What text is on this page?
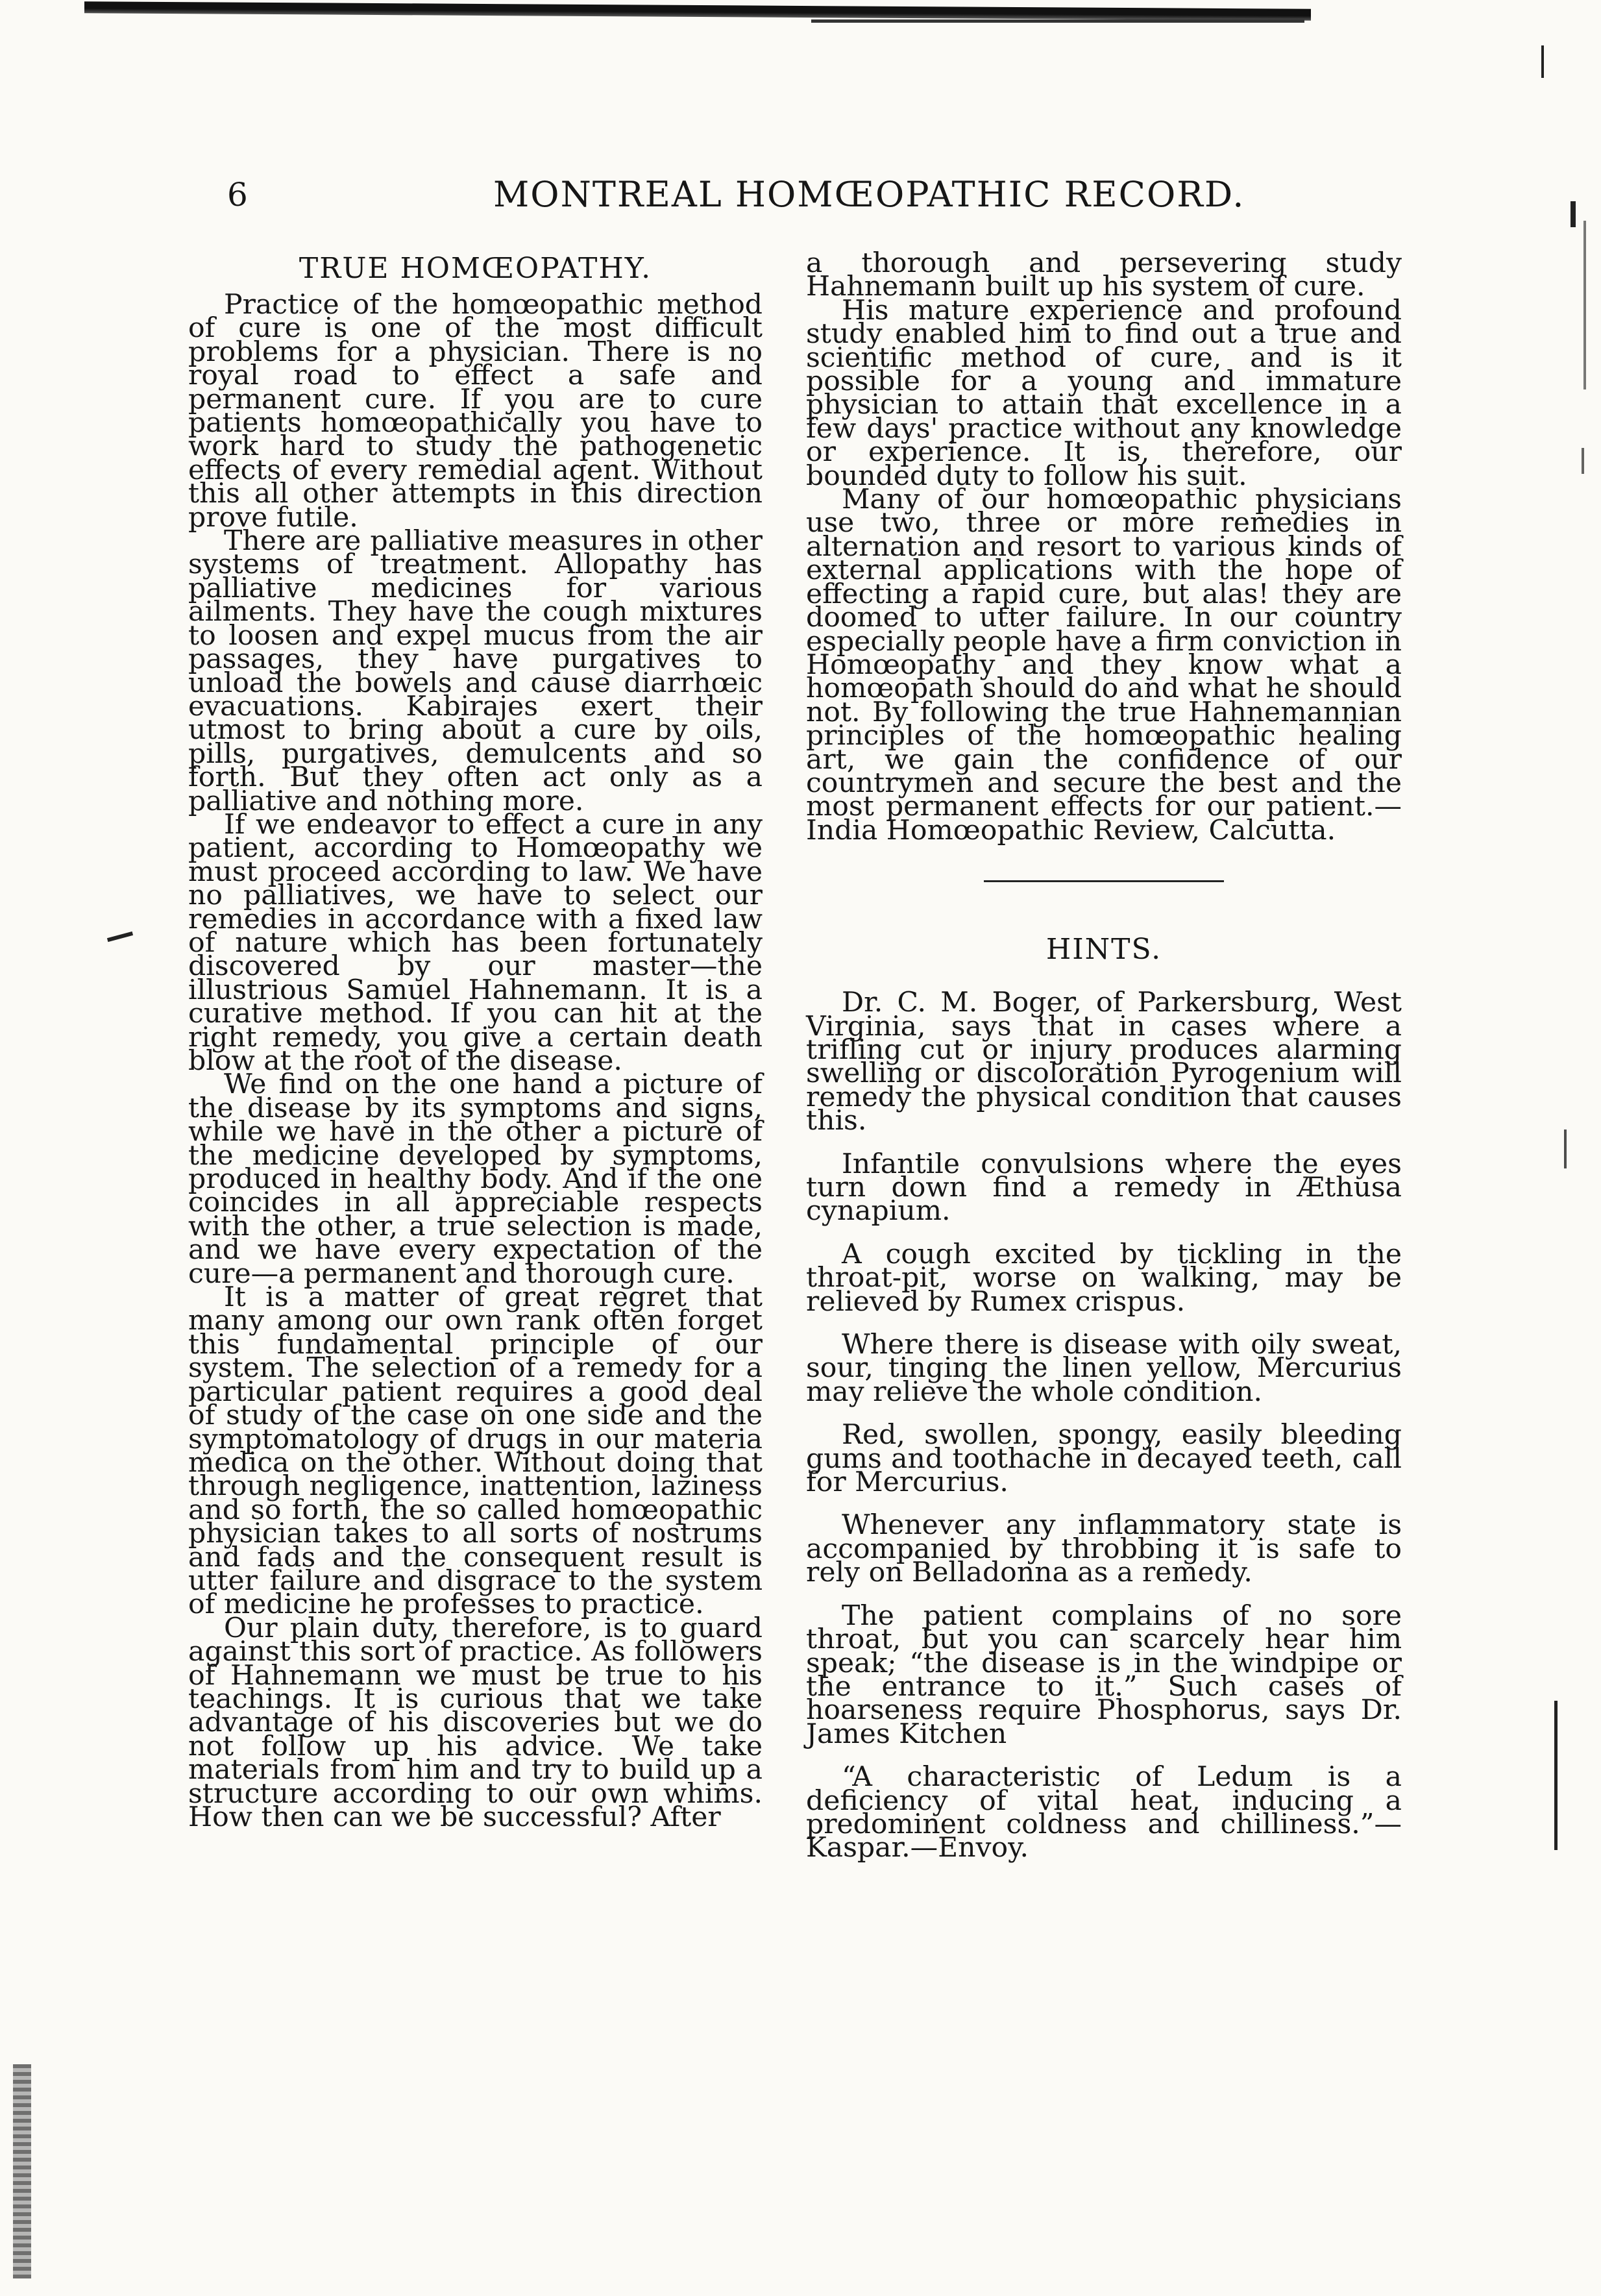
6	MONTREAL HOMŒOPATHIC RECORD.
TRUE HOMŒOPATHY.

Practice of the homœopathic method of cure is one of the most difficult problems for a physician. There is no royal road to effect a safe and permanent cure. If you are to cure patients homœopathically you have to work hard to study the pathogenetic effects of every remedial agent. Without this all other attempts in this direction prove futile.

There are palliative measures in other systems of treatment. Allopathy has palliative medicines for various ailments. They have the cough mixtures to loosen and expel mucus from the air passages, they have purgatives to unload the bowels and cause diarrhœic evacuations. Kabirajes exert their utmost to bring about a cure by oils, pills, purgatives, demulcents and so forth. But they often act only as a palliative and nothing more.

If we endeavor to effect a cure in any patient, according to Homœopathy we must proceed according to law. We have no palliatives, we have to select our remedies in accordance with a fixed law of nature which has been fortunately discovered by our master—the illustrious Samuel Hahnemann. It is a curative method. If you can hit at the right remedy, you give a certain death blow at the root of the disease.

We find on the one hand a picture of the disease by its symptoms and signs, while we have in the other a picture of the medicine developed by symptoms, produced in healthy body. And if the one coincides in all appreciable respects with the other, a true selection is made, and we have every expectation of the cure—a permanent and thorough cure.

It is a matter of great regret that many among our own rank often forget this fundamental principle of our system. The selection of a remedy for a particular patient requires a good deal of study of the case on one side and the symptomatology of drugs in our materia medica on the other. Without doing that through negligence, inattention, laziness and so forth, the so called homœopathic physician takes to all sorts of nostrums and fads and the consequent result is utter failure and disgrace to the system of medicine he professes to practice.

Our plain duty, therefore, is to guard against this sort of practice. As followers of Hahnemann we must be true to his teachings. It is curious that we take advantage of his discoveries but we do not follow up his advice. We take materials from him and try to build up a structure according to our own whims. How then can we be successful? After

a thorough and persevering study Hahnemann built up his system of cure.

His mature experience and profound study enabled him to find out a true and scientific method of cure, and is it possible for a young and immature physician to attain that excellence in a few days' practice without any knowledge or experience. It is, therefore, our bounded duty to follow his suit.

Many of our homœopathic physicians use two, three or more remedies in alternation and resort to various kinds of external applications with the hope of effecting a rapid cure, but alas! they are doomed to utter failure. In our country especially people have a firm conviction in Homœopathy and they know what a homœopath should do and what he should not. By following the true Hahnemannian principles of the homœopathic healing art, we gain the confidence of our countrymen and secure the best and the most permanent effects for our patient.—India Homœopathic Review, Calcutta.

HINTS.

Dr. C. M. Boger, of Parkersburg, West Virginia, says that in cases where a trifling cut or injury produces alarming swelling or discoloration Pyrogenium will remedy the physical condition that causes this.

Infantile convulsions where the eyes turn down find a remedy in Æthusa cynapium.

A cough excited by tickling in the throat-pit, worse on walking, may be relieved by Rumex crispus.

Where there is disease with oily sweat, sour, tinging the linen yellow, Mercurius may relieve the whole condition.

Red, swollen, spongy, easily bleeding gums and toothache in decayed teeth, call for Mercurius.

Whenever any inflammatory state is accompanied by throbbing it is safe to rely on Belladonna as a remedy.

The patient complains of no sore throat, but you can scarcely hear him speak; “the disease is in the windpipe or the entrance to it.” Such cases of hoarseness require Phosphorus, says Dr. James Kitchen

“A characteristic of Ledum is a deficiency of vital heat, inducing a predominent coldness and chilliness.”—Kaspar.—Envoy.
